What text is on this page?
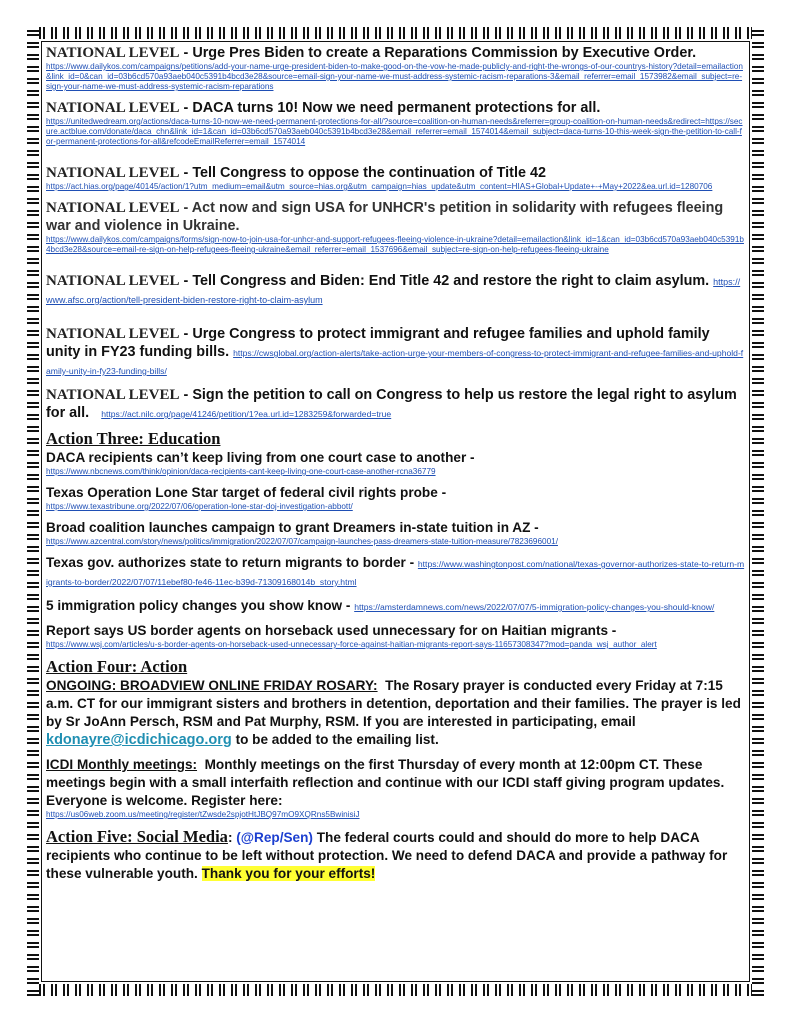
NATIONAL LEVEL - Urge Pres Biden to create a Reparations Commission by Executive Order.
https://www.dailykos.com/campaigns/petitions/add-your-name-urge-president-biden-to-make-good-on-the-vow-he-made-publicly-and-right-the-wrongs-of-our-countrys-history?detail=emailaction&link_id=0&can_id=03b6cd570a93aeb040c5391b4bcd3e28&source=email-sign-your-name-we-must-address-systemic-racism-reparations-3&email_referrer=email_1573982&email_subject=re-sign-your-name-we-must-address-systemic-racism-reparations
NATIONAL LEVEL - DACA turns 10! Now we need permanent protections for all.
https://unitedwedream.org/actions/daca-turns-10-now-we-need-permanent-protections-for-all/?source=coalition-on-human-needs&referrer=group-coalition-on-human-needs&redirect=https://secure.actblue.com/donate/daca_chn&link_id=1&can_id=03b6cd570a93aeb040c5391b4bcd3e28&email_referrer=email_1574014&email_subject=daca-turns-10-this-week-sign-the-petition-to-call-for-permanent-protections-for-all&refcodeEmailReferrer=email_1574014
NATIONAL LEVEL - Tell Congress to oppose the continuation of Title 42
https://act.hias.org/page/40145/action/1?utm_medium=email&utm_source=hias.org&utm_campaign=hias_update&utm_content=HIAS+Global+Update+-+May+2022&ea.url.id=1280706
NATIONAL LEVEL - Act now and sign USA for UNHCR's petition in solidarity with refugees fleeing war and violence in Ukraine.
https://www.dailykos.com/campaigns/forms/sign-now-to-join-usa-for-unhcr-and-support-refugees-fleeing-violence-in-ukraine?detail=emailaction&link_id=1&can_id=03b6cd570a93aeb040c5391b4bcd3e28&source=email-re-sign-on-help-refugees-fleeing-ukraine&email_referrer=email_1537696&email_subject=re-sign-on-help-refugees-fleeing-ukraine
NATIONAL LEVEL - Tell Congress and Biden: End Title 42 and restore the right to claim asylum. https://www.afsc.org/action/tell-president-biden-restore-right-to-claim-asylum
NATIONAL LEVEL - Urge Congress to protect immigrant and refugee families and uphold family unity in FY23 funding bills. https://cwsglobal.org/action-alerts/take-action-urge-your-members-of-congress-to-protect-immigrant-and-refugee-families-and-uphold-family-unity-in-fy23-funding-bills/
NATIONAL LEVEL - Sign the petition to call on Congress to help us restore the legal right to asylum for all. https://act.nilc.org/page/41246/petition/1?ea.url.id=1283259&forwarded=true
Action Three: Education
DACA recipients can’t keep living from one court case to another -
https://www.nbcnews.com/think/opinion/daca-recipients-cant-keep-living-one-court-case-another-rcna36779
Texas Operation Lone Star target of federal civil rights probe -
https://www.texastribune.org/2022/07/06/operation-lone-star-doj-investigation-abbott/
Broad coalition launches campaign to grant Dreamers in-state tuition in AZ -
https://www.azcentral.com/story/news/politics/immigration/2022/07/07/campaign-launches-pass-dreamers-state-tuition-measure/7823696001/
Texas gov. authorizes state to return migrants to border - https://www.washingtonpost.com/national/texas-governor-authorizes-state-to-return-migrants-to-border/2022/07/07/11ebef80-fe46-11ec-b39d-71309168014b_story.html
5 immigration policy changes you show know - https://amsterdamnews.com/news/2022/07/07/5-immigration-policy-changes-you-should-know/
Report says US border agents on horseback used unnecessary for on Haitian migrants -
https://www.wsj.com/articles/u-s-border-agents-on-horseback-used-unnecessary-force-against-haitian-migrants-report-says-11657308347?mod=panda_wsj_author_alert
Action Four: Action
ONGOING: BROADVIEW ONLINE FRIDAY ROSARY: The Rosary prayer is conducted every Friday at 7:15 a.m. CT for our immigrant sisters and brothers in detention, deportation and their families. The prayer is led by Sr JoAnn Persch, RSM and Pat Murphy, RSM. If you are interested in participating, email kdonayre@icdichicago.org to be added to the emailing list.
ICDI Monthly meetings: Monthly meetings on the first Thursday of every month at 12:00pm CT. These meetings begin with a small interfaith reflection and continue with our ICDI staff giving program updates. Everyone is welcome. Register here:
https://us06web.zoom.us/meeting/register/tZwsde2spjotHtJBQ97mO9XQRns5BwinisiJ
Action Five: Social Media: (@Rep/Sen) The federal courts could and should do more to help DACA recipients who continue to be left without protection. We need to defend DACA and provide a pathway for these vulnerable youth. Thank you for your efforts!
